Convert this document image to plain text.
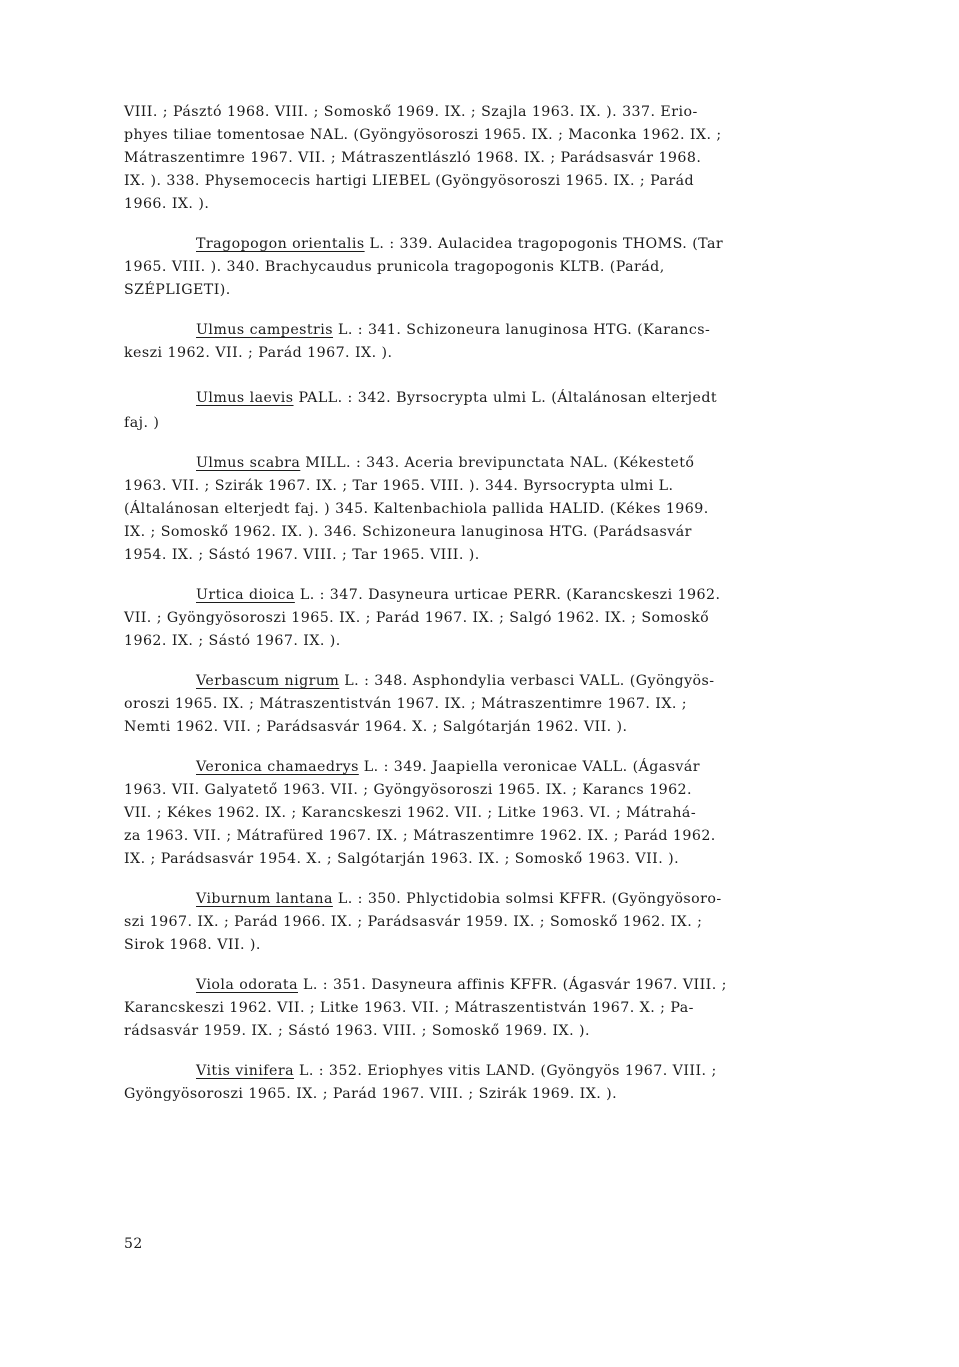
VIII. ; Pásztó 1968. VIII. ; Somoskő 1969. IX. ; Szajla 1963. IX. ). 337. Erio-
phyes tiliae tomentosae NAL. (Gyöngyösoroszi 1965. IX. ; Maconka 1962. IX. ;
Mátraszentimre 1967. VII. ; Mátraszentlászló 1968. IX. ; Parádsasvár 1968.
IX. ). 338. Physemocecis hartigi LIEBEL (Gyöngyösoroszi 1965. IX. ; Parád
1966. IX. ).
Tragopogon orientalis L. : 339. Aulacidea tragopogonis THOMS. (Tar
1965. VIII. ). 340. Brachycaudus prunicola tragopogonis KLTB. (Parád,
SZÉPLIGETI).
Ulmus campestris L. : 341. Schizoneura lanuginosa HTG. (Karancs-
keszi 1962. VII. ; Parád 1967. IX. ).
Ulmus laevis PALL. : 342. Byrsocrypta ulmi L. (Általánosan elterjedt
faj. )
Ulmus scabra MILL. : 343. Aceria brevipunctata NAL. (Kékestető
1963. VII. ; Szirák 1967. IX. ; Tar 1965. VIII. ). 344. Byrsocrypta ulmi L.
(Általánosan elterjedt faj. ) 345. Kaltenbachiola pallida HALID. (Kékes 1969.
IX. ; Somoskő 1962. IX. ). 346. Schizoneura lanuginosa HTG. (Parádsasvár
1954. IX. ; Sástó 1967. VIII. ; Tar 1965. VIII. ).
Urtica dioica L. : 347. Dasyneura urticae PERR. (Karancskeszi 1962.
VII. ; Gyöngyösoroszi 1965. IX. ; Parád 1967. IX. ; Salgó 1962. IX. ; Somoskő
1962. IX. ; Sástó 1967. IX. ).
Verbascum nigrum L. : 348. Asphondylia verbasci VALL. (Gyöngyös-
oroszi 1965. IX. ; Mátraszentistván 1967. IX. ; Mátraszentimre 1967. IX. ;
Nemti 1962. VII. ; Parádsasvár 1964. X. ; Salgótarján 1962. VII. ).
Veronica chamaedrys L. : 349. Jaapiella veronicae VALL. (Ágasvár
1963. VII. Galyatető 1963. VII. ; Gyöngyösoroszi 1965. IX. ; Karancs 1962.
VII. ; Kékes 1962. IX. ; Karancskeszi 1962. VII. ; Litke 1963. VI. ; Mátrahá-
za 1963. VII. ; Mátrafüred 1967. IX. ; Mátraszentimre 1962. IX. ; Parád 1962.
IX. ; Parádsasvár 1954. X. ; Salgótarján 1963. IX. ; Somoskő 1963. VII. ).
Viburnum lantana L. : 350. Phlyctidobia solmsi KFFR. (Gyöngyösoro-
szi 1967. IX. ; Parád 1966. IX. ; Parádsasvár 1959. IX. ; Somoskő 1962. IX. ;
Sirok 1968. VII. ).
Viola odorata L. : 351. Dasyneura affinis KFFR. (Ágasvár 1967. VIII. ;
Karancskeszi 1962. VII. ; Litke 1963. VII. ; Mátraszentistván 1967. X. ; Pa-
rádsasvár 1959. IX. ; Sástó 1963. VIII. ; Somoskő 1969. IX. ).
Vitis vinifera L. : 352. Eriophyes vitis LAND. (Gyöngyös 1967. VIII. ;
Gyöngyösoroszi 1965. IX. ; Parád 1967. VIII. ; Szirák 1969. IX. ).
52
